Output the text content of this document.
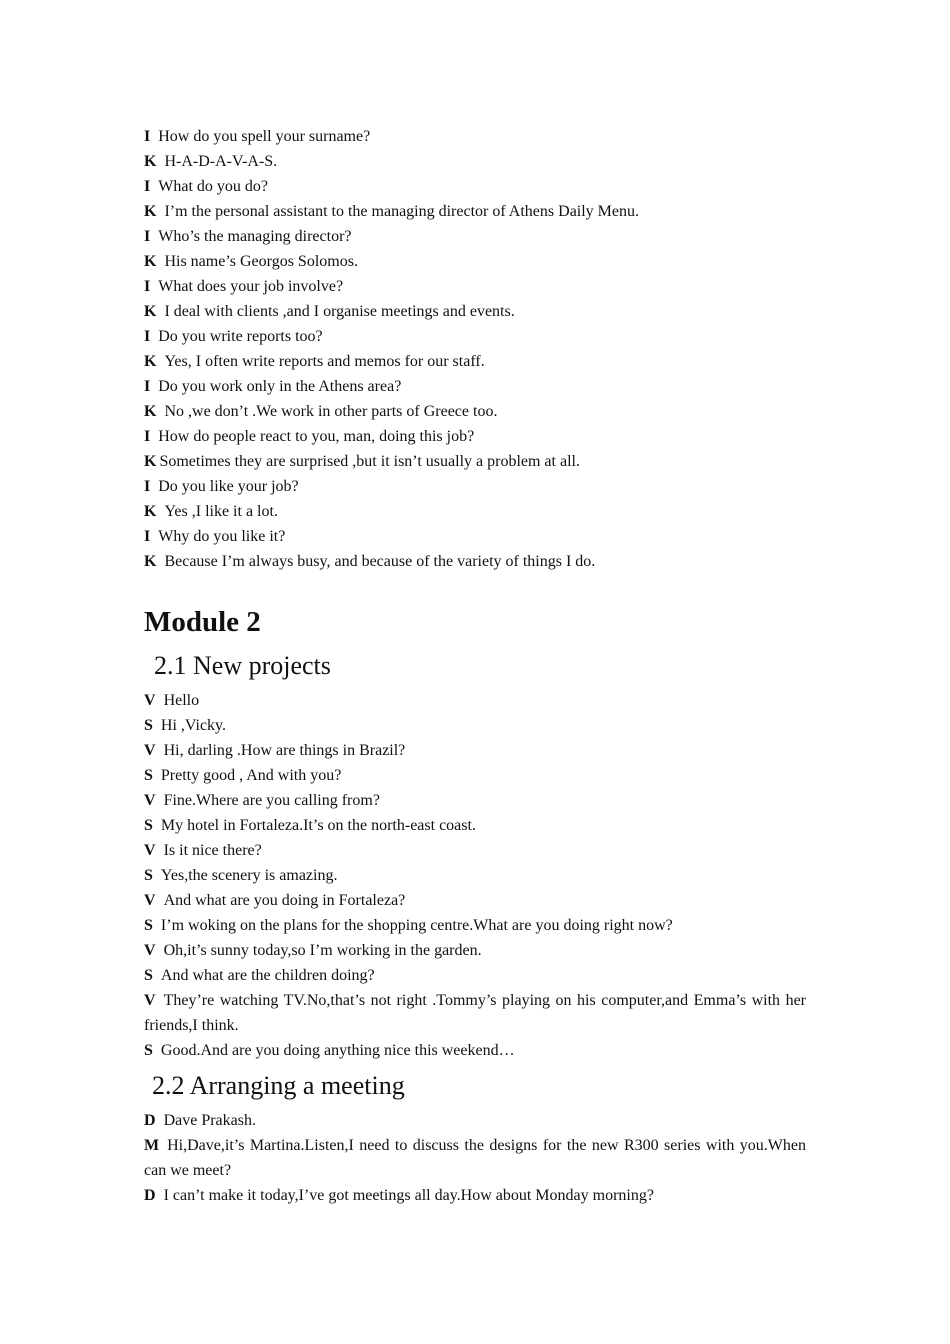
I How do you spell your surname?
K H-A-D-A-V-A-S.
I What do you do?
K I’m the personal assistant to the managing director of Athens Daily Menu.
I Who’s the managing director?
K His name’s Georgos Solomos.
I What does your job involve?
K I deal with clients ,and I organise meetings and events.
I Do you write reports too?
K Yes, I often write reports and memos for our staff.
I Do you work only in the Athens area?
K No ,we don’t .We work in other parts of Greece too.
I How do people react to you, man, doing this job?
K Sometimes they are surprised ,but it isn’t usually a problem at all.
I Do you like your job?
K Yes ,I like it a lot.
I Why do you like it?
K Because I’m always busy, and because of the variety of things I do.
Module 2
2.1 New projects
V Hello
S Hi ,Vicky.
V Hi, darling .How are things in Brazil?
S Pretty good , And with you?
V Fine.Where are you calling from?
S My hotel in Fortaleza.It’s on the north-east coast.
V Is it nice there?
S Yes,the scenery is amazing.
V And what are you doing in Fortaleza?
S I’m woking on the plans for the shopping centre.What are you doing right now?
V Oh,it’s sunny today,so I’m working in the garden.
S And what are the children doing?
V They’re watching TV.No,that’s not right .Tommy’s playing on his computer,and Emma’s with her friends,I think.
S Good.And are you doing anything nice this weekend…
2.2 Arranging a meeting
D Dave Prakash.
M Hi,Dave,it’s Martina.Listen,I need to discuss the designs for the new R300 series with you.When can we meet?
D I can’t make it today,I’ve got meetings all day.How about Monday morning?
